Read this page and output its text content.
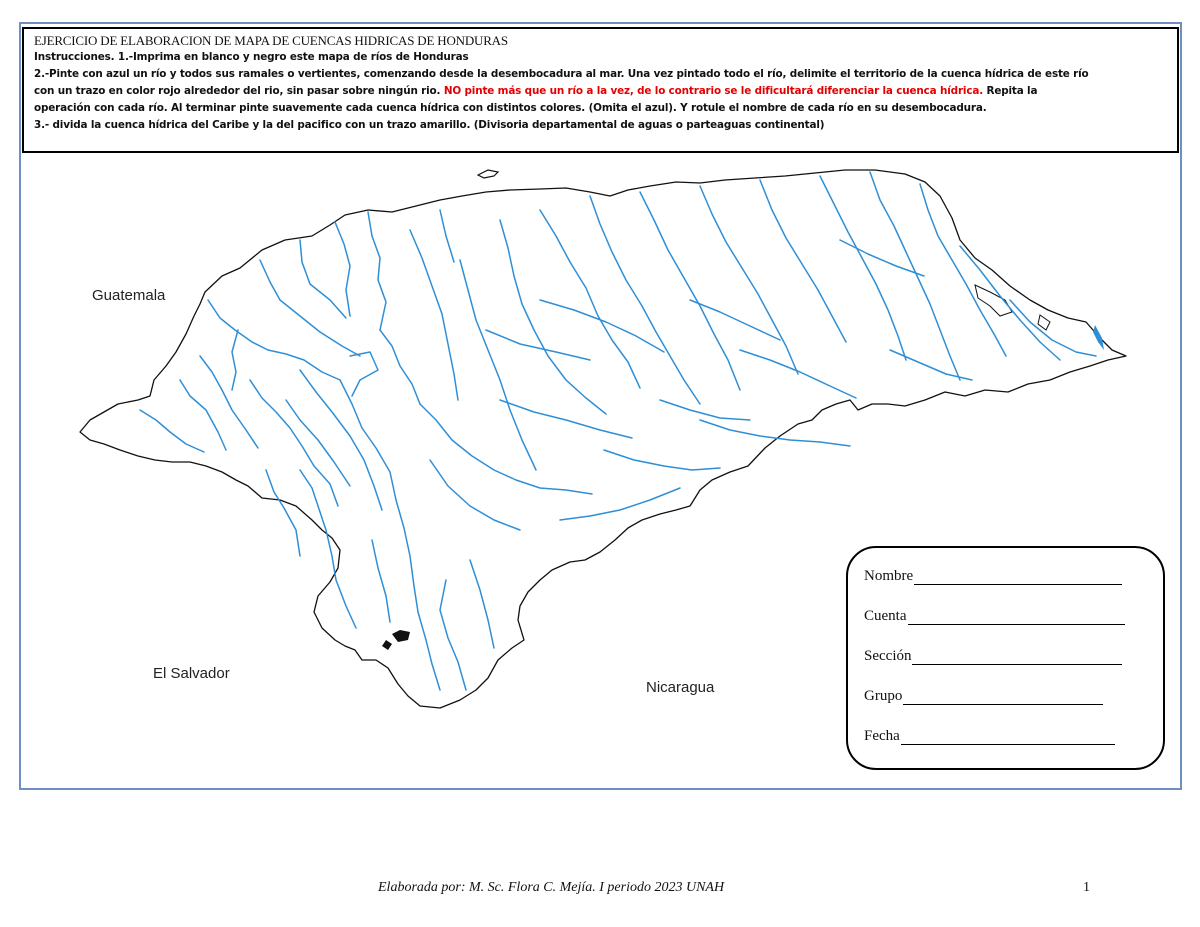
EJERCICIO DE ELABORACION DE MAPA DE CUENCAS HIDRICAS DE HONDURAS
Instrucciones. 1.-Imprima en blanco y negro este mapa de ríos de Honduras
2.-Pinte con azul un río y todos sus ramales o vertientes, comenzando desde la desembocadura al mar. Una vez pintado todo el río, delimite el territorio de la cuenca hídrica de este río
con un trazo en color rojo alrededor del rio, sin pasar sobre ningún rio. NO pinte más que un río a la vez, de lo contrario se le dificultará diferenciar la cuenca hídrica. Repita la
operación con cada río. Al terminar pinte suavemente cada cuenca hídrica con distintos colores. (Omita el azul). Y rotule el nombre de cada río en su desembocadura.
3.- divida la cuenca hídrica del Caribe y la del pacifico con un trazo amarillo. (Divisoria departamental de aguas o parteaguas continental)
Guatemala
El Salvador
Nicaragua
Nombre
Cuenta
Sección
Grupo
Fecha
Elaborada por: M. Sc. Flora C. Mejía. I periodo 2023 UNAH	1
